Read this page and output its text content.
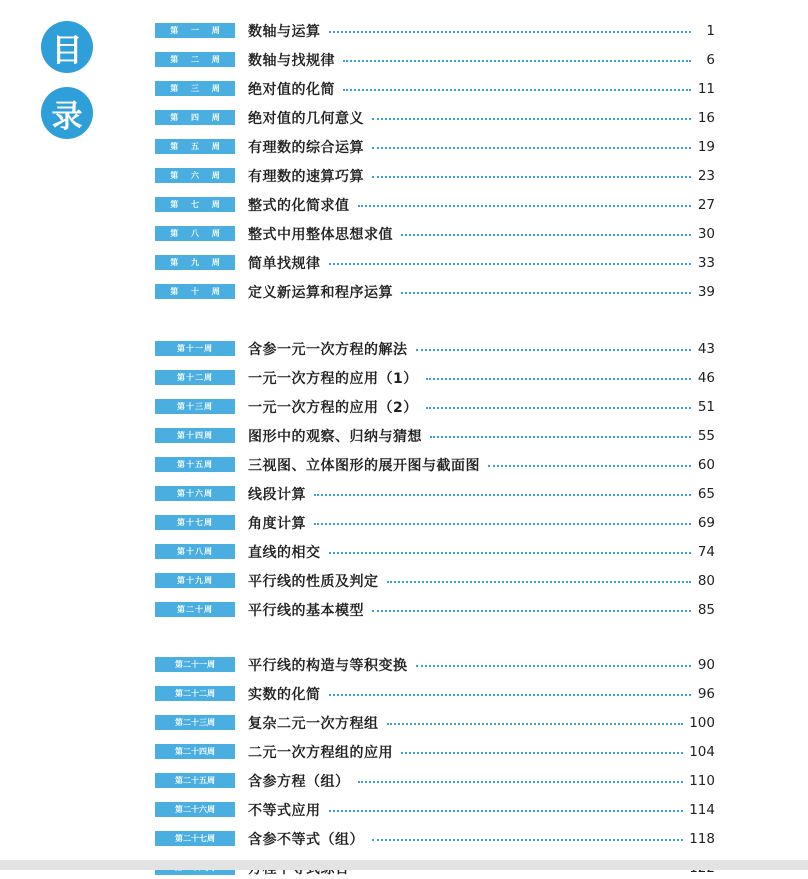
目
录
第 一 周	数轴与运算	1
第 二 周	数轴与找规律	6
第 三 周	绝对值的化简	11
第 四 周	绝对值的几何意义	16
第 五 周	有理数的综合运算	19
第 六 周	有理数的速算巧算	23
第 七 周	整式的化简求值	27
第 八 周	整式中用整体思想求值	30
第 九 周	简单找规律	33
第 十 周	定义新运算和程序运算	39
第十一周	含参一元一次方程的解法	43
第十二周	一元一次方程的应用（1）	46
第十三周	一元一次方程的应用（2）	51
第十四周	图形中的观察、归纳与猜想	55
第十五周	三视图、立体图形的展开图与截面图	60
第十六周	线段计算	65
第十七周	角度计算	69
第十八周	直线的相交	74
第十九周	平行线的性质及判定	80
第二十周	平行线的基本模型	85
第二十一周	平行线的构造与等积变换	90
第二十二周	实数的化简	96
第二十三周	复杂二元一次方程组	100
第二十四周	二元一次方程组的应用	104
第二十五周	含参方程（组）	110
第二十六周	不等式应用	114
第二十七周	含参不等式（组）	118
